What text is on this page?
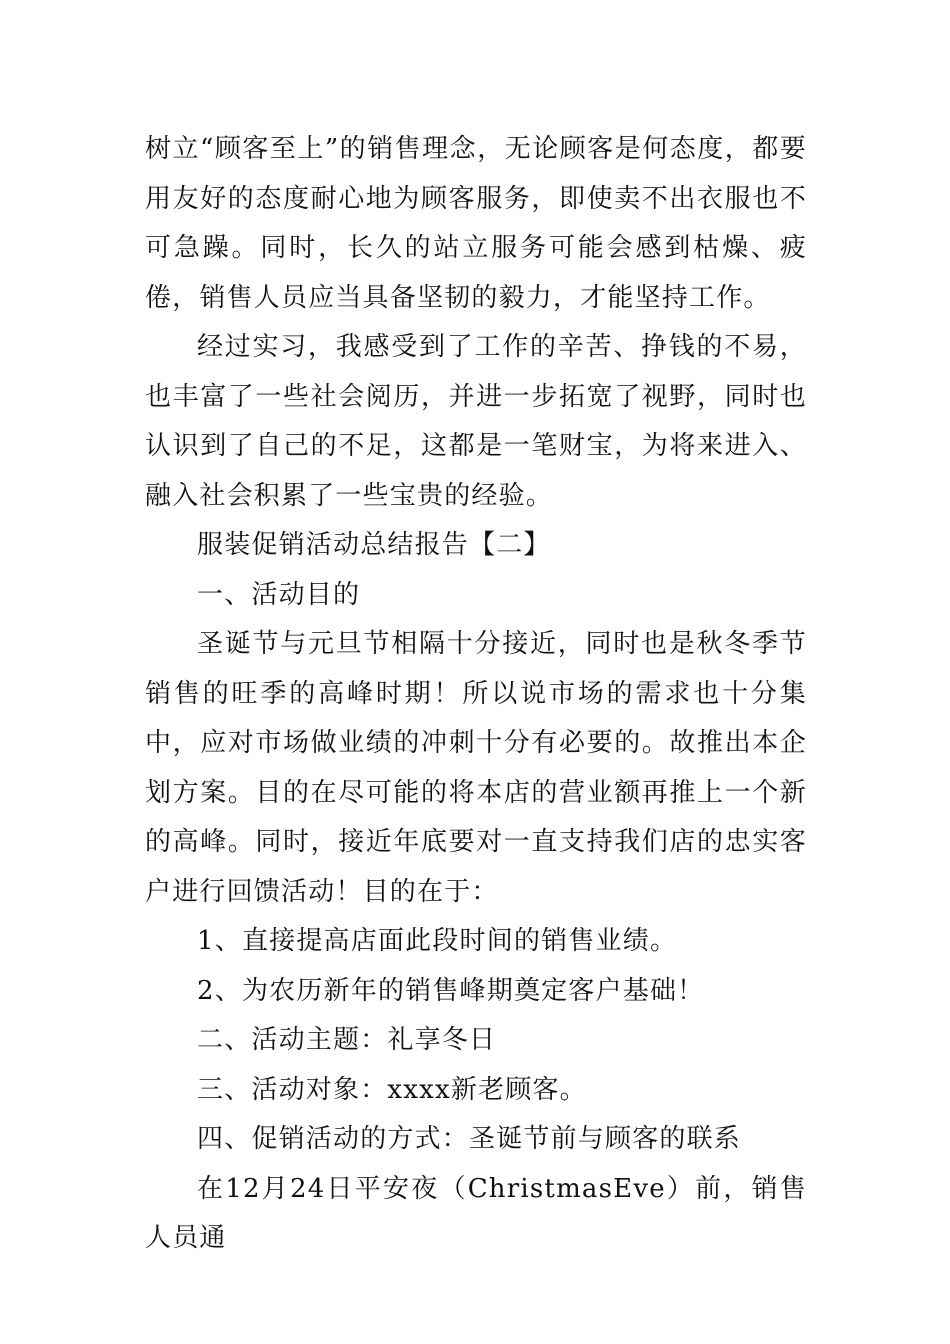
树立“顾客至上”的销售理念，无论顾客是何态度，都要用友好的态度耐心地为顾客服务，即使卖不出衣服也不可急躁。同时，长久的站立服务可能会感到枯燥、疲倦，销售人员应当具备坚韧的毅力，才能坚持工作。

经过实习，我感受到了工作的辛苦、挣钱的不易，也丰富了一些社会阅历，并进一步拓宽了视野，同时也认识到了自己的不足，这都是一笔财宝，为将来进入、融入社会积累了一些宝贵的经验。

服装促销活动总结报告【二】

一、活动目的

圣诞节与元旦节相隔十分接近，同时也是秋冬季节销售的旺季的高峰时期！所以说市场的需求也十分集中，应对市场做业绩的冲刺十分有必要的。故推出本企划方案。目的在尽可能的将本店的营业额再推上一个新的高峰。同时，接近年底要对一直支持我们店的忠实客户进行回馈活动！目的在于：

1、直接提高店面此段时间的销售业绩。

2、为农历新年的销售峰期奠定客户基础！

二、活动主题：礼享冬日

三、活动对象：xxxx新老顾客。

四、促销活动的方式：圣诞节前与顾客的联系

在12月24日平安夜（ChristmasEve）前，销售人员通
